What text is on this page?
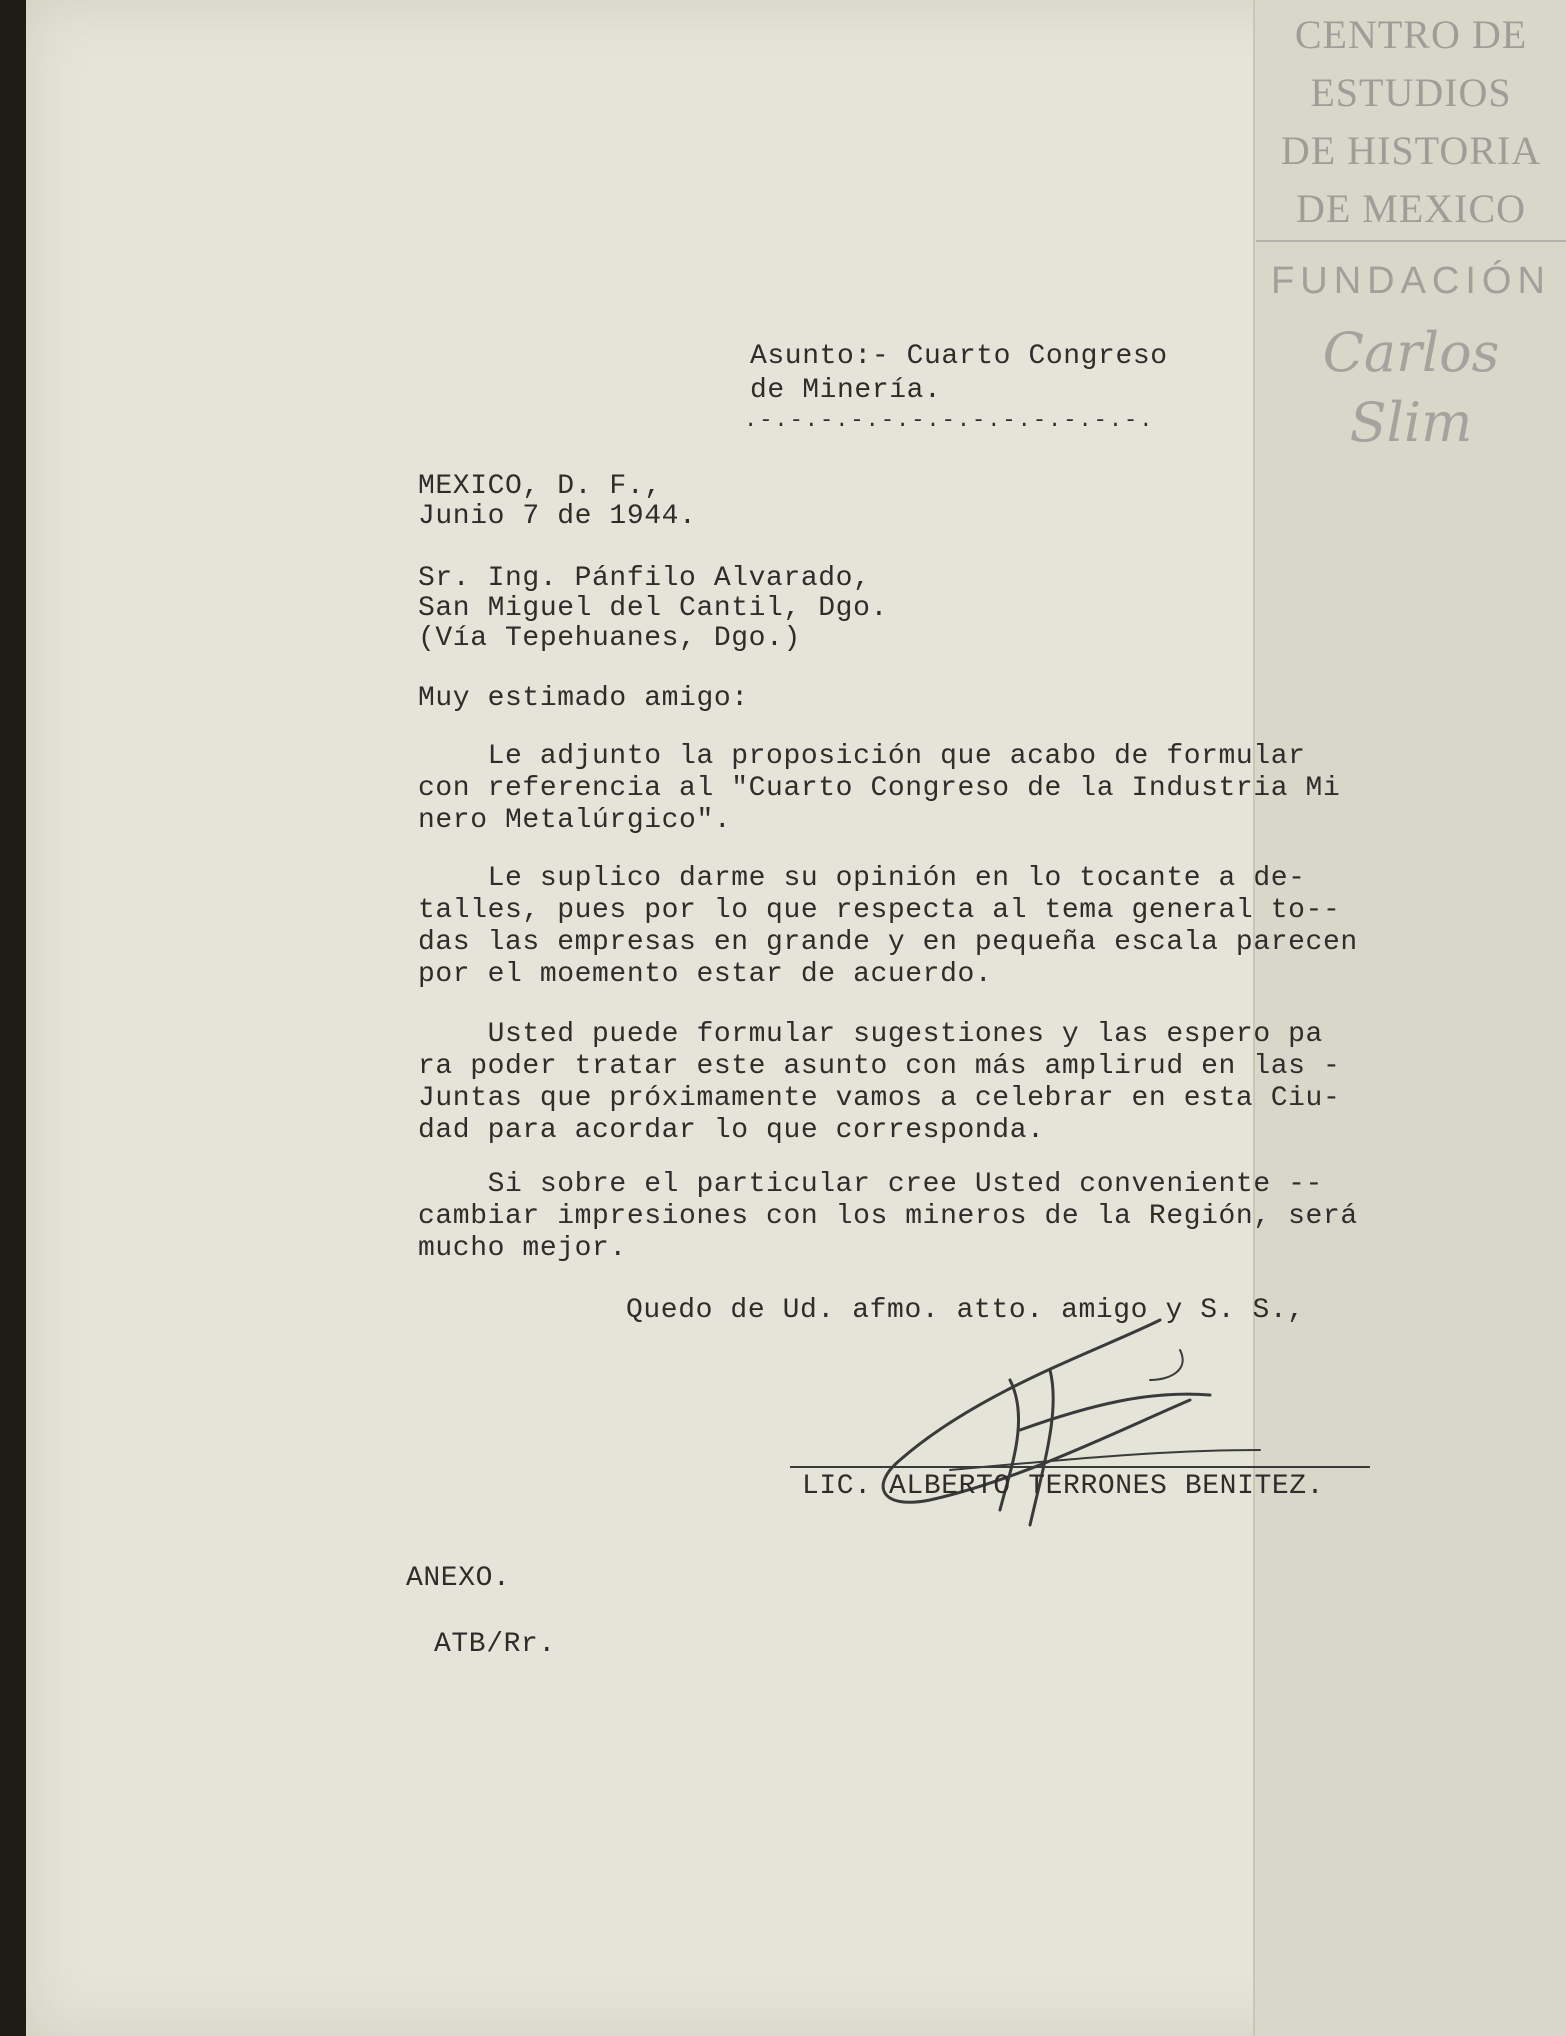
CENTRO DE
ESTUDIOS
DE HISTORIA
DE MEXICO
FUNDACIÓN
Carlos Slim
Asunto:- Cuarto Congreso
de Minería.
.-.-.-.-.-.-.-.-.-.-.-.-.-.
MEXICO, D. F.,
Junio 7 de 1944.
Sr. Ing. Pánfilo Alvarado,
San Miguel del Cantil, Dgo.
(Vía Tepehuanes, Dgo.)
Muy estimado amigo:
Le adjunto la proposición que acabo de formular
con referencia al "Cuarto Congreso de la Industria Mi
nero Metalúrgico".
Le suplico darme su opinión en lo tocante a de-
talles, pues por lo que respecta al tema general to--
das las empresas en grande y en pequeña escala parecen
por el moemento estar de acuerdo.
Usted puede formular sugestiones y las espero pa
ra poder tratar este asunto con más amplirud en las -
Juntas que próximamente vamos a celebrar en esta Ciu-
dad para acordar lo que corresponda.
Si sobre el particular cree Usted conveniente --
cambiar impresiones con los mineros de la Región, será
mucho mejor.
Quedo de Ud. afmo. atto. amigo y S. S.,
LIC. ALBERTO TERRONES BENITEZ.
ANEXO.
ATB/Rr.
